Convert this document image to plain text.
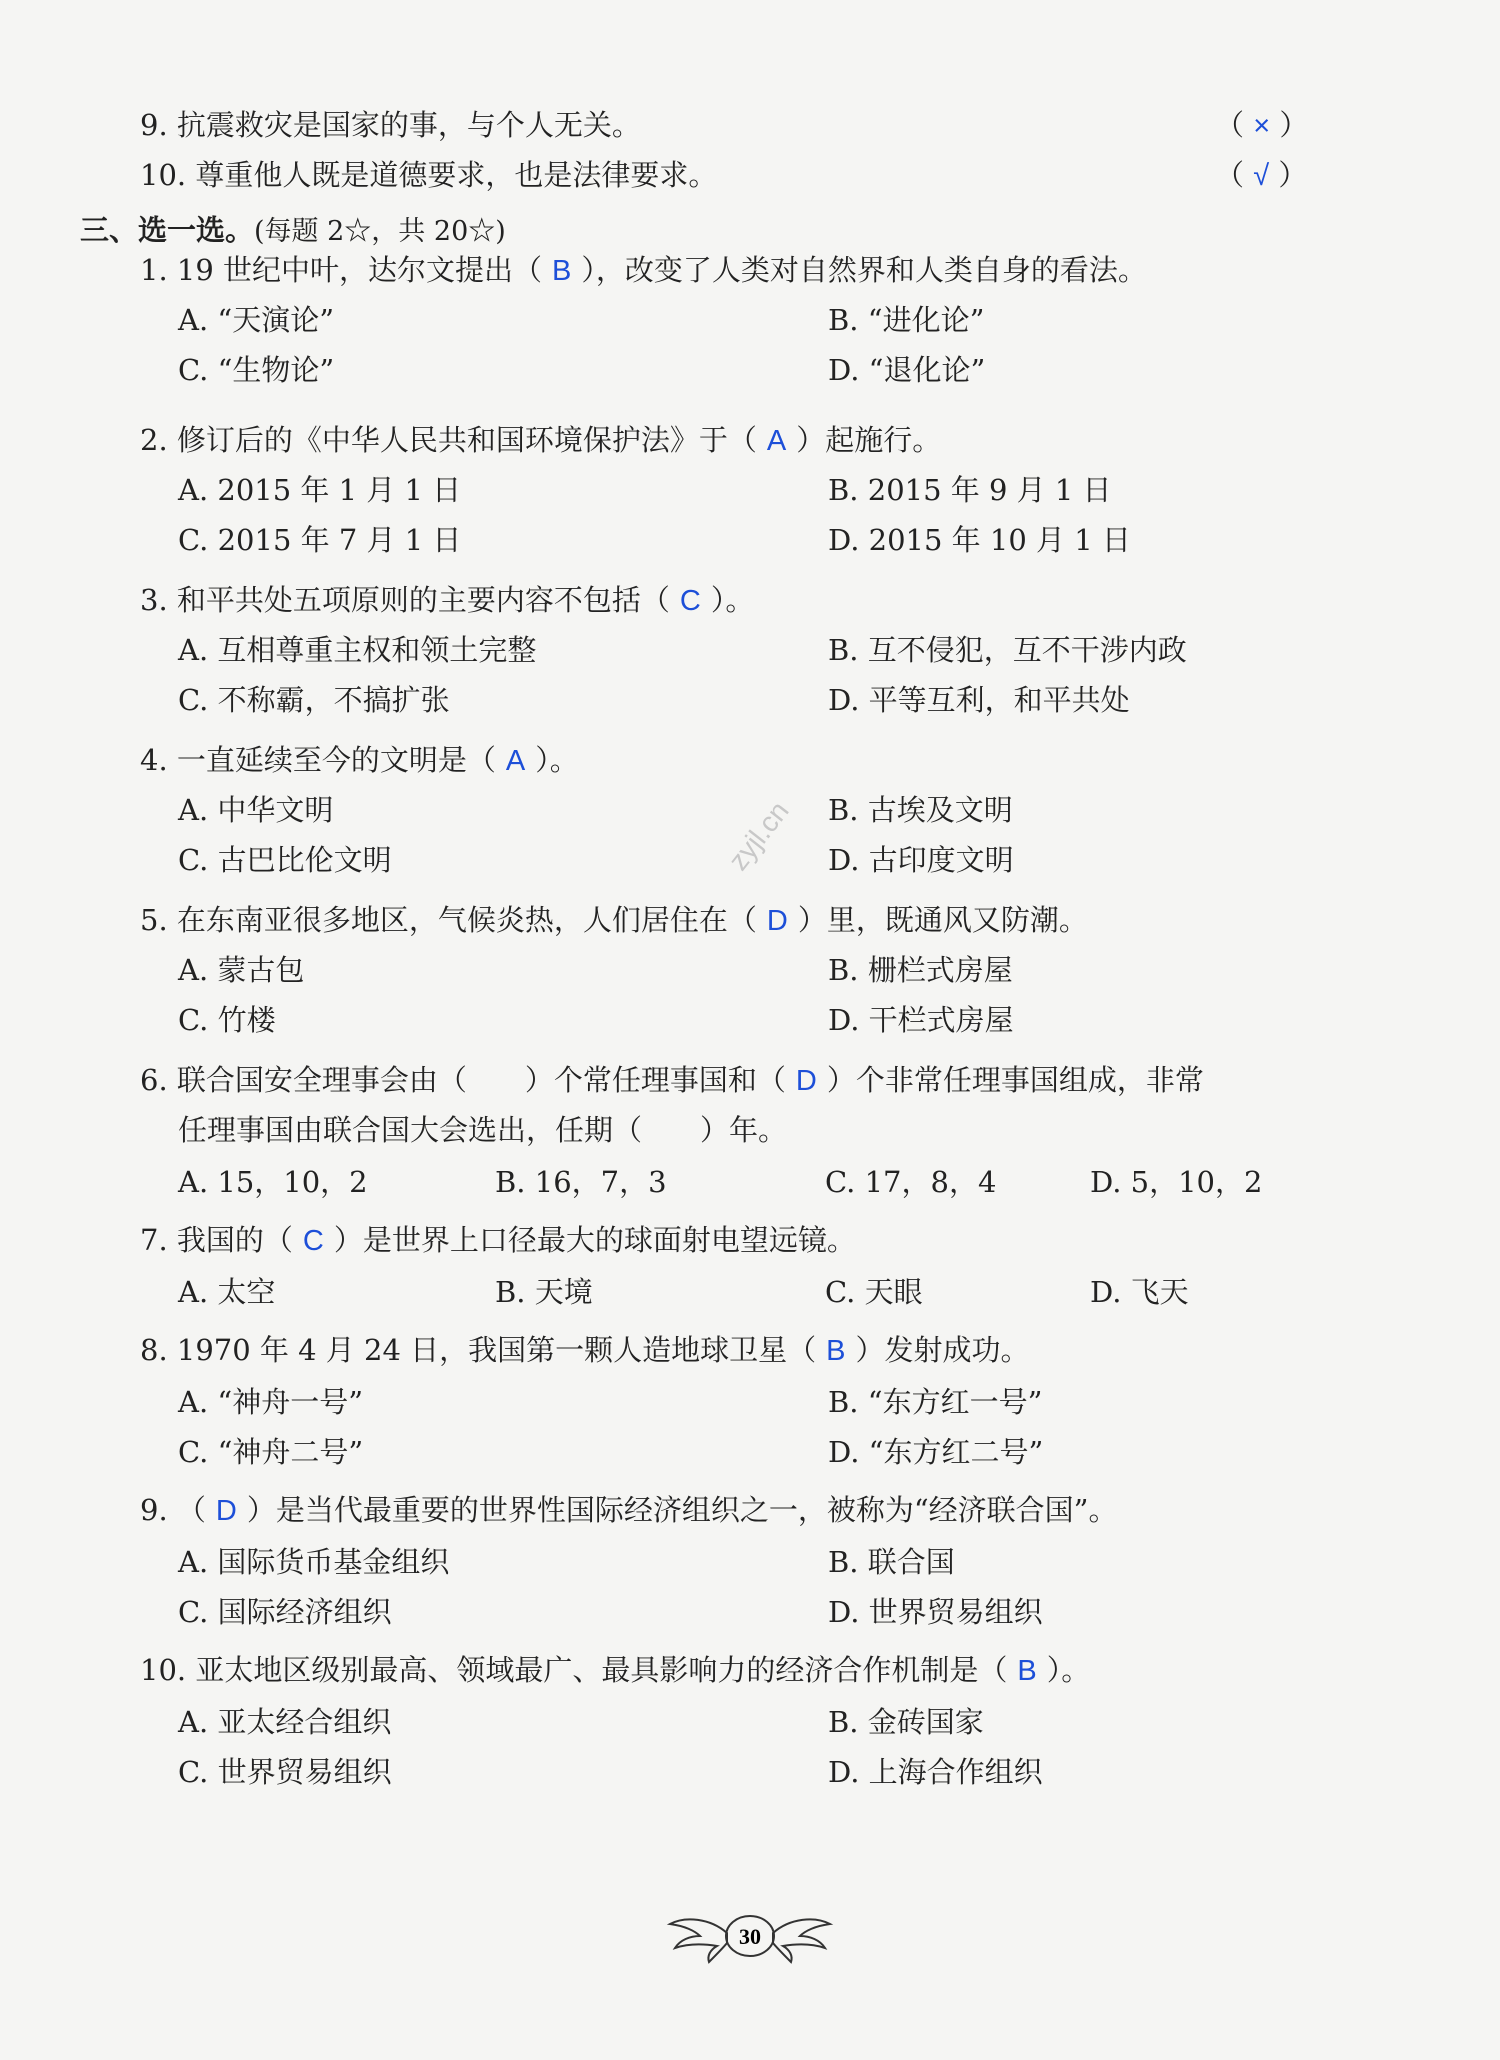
9. 抗震救灾是国家的事，与个人无关。	（ × ）
10. 尊重他人既是道德要求，也是法律要求。	（ √ ）
三、选一选。(每题 2☆，共 20☆)
1. 19 世纪中叶，达尔文提出（ B ），改变了人类对自然界和人类自身的看法。
A. “天演论”	B. “进化论”
C. “生物论”	D. “退化论”
2. 修订后的《中华人民共和国环境保护法》于（ A ）起施行。
A. 2015 年 1 月 1 日	B. 2015 年 9 月 1 日
C. 2015 年 7 月 1 日	D. 2015 年 10 月 1 日
3. 和平共处五项原则的主要内容不包括（ C ）。
A. 互相尊重主权和领土完整	B. 互不侵犯，互不干涉内政
C. 不称霸，不搞扩张	D. 平等互利，和平共处
4. 一直延续至今的文明是（ A ）。
A. 中华文明	B. 古埃及文明
C. 古巴比伦文明	D. 古印度文明
5. 在东南亚很多地区，气候炎热，人们居住在（ D ）里，既通风又防潮。
A. 蒙古包	B. 栅栏式房屋
C. 竹楼	D. 干栏式房屋
6. 联合国安全理事会由（　　）个常任理事国和（ D ）个非常任理事国组成，非常
任理事国由联合国大会选出，任期（　　）年。
A. 15，10，2	B. 16，7，3	C. 17，8，4	D. 5，10，2
7. 我国的（ C ）是世界上口径最大的球面射电望远镜。
A. 太空	B. 天境	C. 天眼	D. 飞天
8. 1970 年 4 月 24 日，我国第一颗人造地球卫星（ B ）发射成功。
A. “神舟一号”	B. “东方红一号”
C. “神舟二号”	D. “东方红二号”
9. （ D ）是当代最重要的世界性国际经济组织之一，被称为“经济联合国”。
A. 国际货币基金组织	B. 联合国
C. 国际经济组织	D. 世界贸易组织
10. 亚太地区级别最高、领域最广、最具影响力的经济合作机制是（ B ）。
A. 亚太经合组织	B. 金砖国家
C. 世界贸易组织	D. 上海合作组织
zyjl.cn
30
